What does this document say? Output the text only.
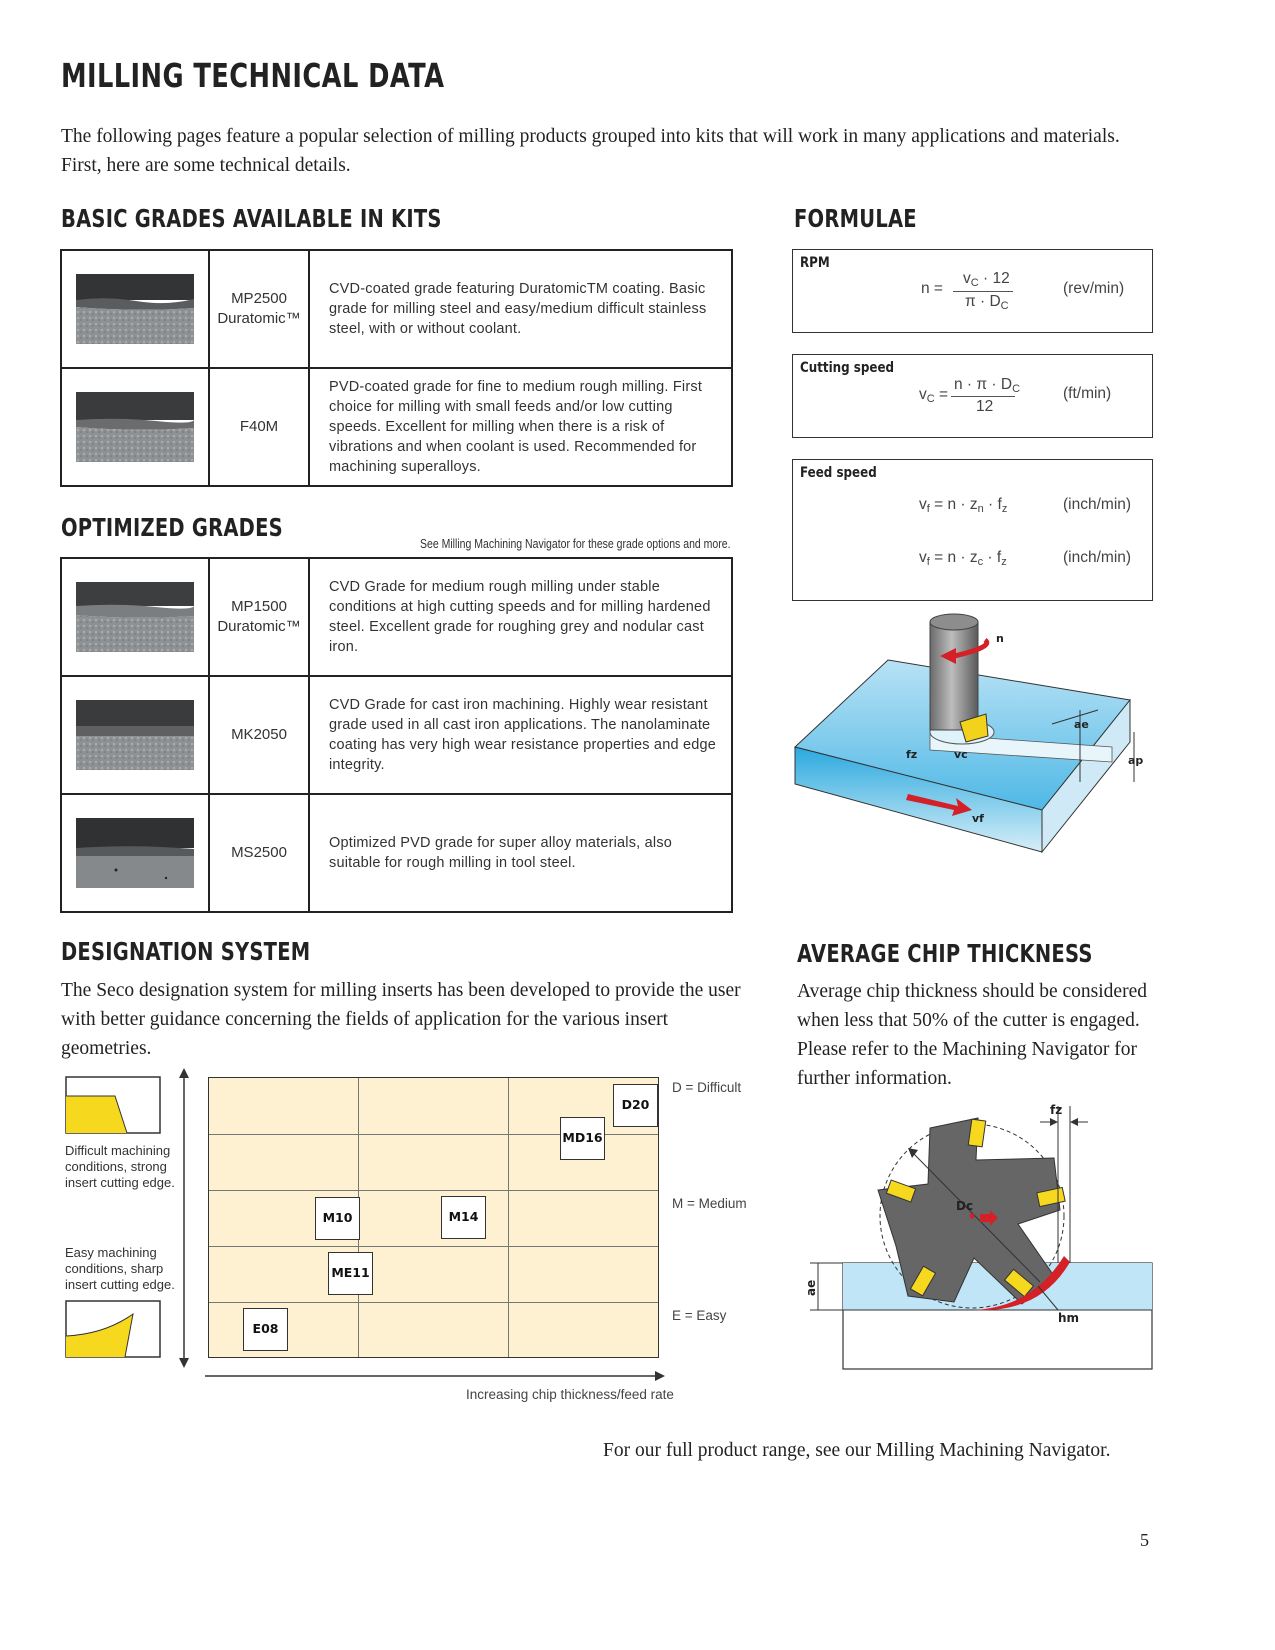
MILLING TECHNICAL DATA
The following pages feature a popular selection of milling products grouped into kits that will work in many applications and materials. First, here are some technical details.
BASIC GRADES AVAILABLE IN KITS

MP2500
Duratomic™	CVD-coated grade featuring DuratomicTM coating. Basic grade for milling steel and easy/medium difficult stainless steel, with or without coolant.

F40M	PVD-coated grade for fine to medium rough milling. First choice for milling with small feeds and/or low cutting speeds. Excellent for milling when there is a risk of vibrations and when coolant is used. Recommended for machining superalloys.
OPTIMIZED GRADES
See Milling Machining Navigator for these grade options and more.

MP1500
Duratomic™	CVD Grade for medium rough milling under stable conditions at high cutting speeds and for milling hardened steel. Excellent grade for roughing grey and nodular cast iron.

MK2050	CVD Grade for cast iron machining. Highly wear resistant grade used in all cast iron applications. The nanolaminate coating has very high wear resistance properties and edge integrity.

MS2500	Optimized PVD grade for super alloy materials, also suitable for rough milling in tool steel.
FORMULAE
RPM
n =
$v_C \cdot 12$
$\pi \cdot D_C$
(rev/min)
Cutting speed
$v_C$ =
$n \cdot \pi \cdot D_C$
12
(ft/min)
Feed speed
$v_f = n \cdot z_n \cdot f_z$	(inch/min)
$v_f = n \cdot z_c \cdot f_z$	(inch/min)
n
ae
ap
fz	vc
vf
DESIGNATION SYSTEM
The Seco designation system for milling inserts has been developed to provide the user with better guidance concerning the fields of application for the various insert geometries.
Difficult machining conditions, strong insert cutting edge.
Easy machining conditions, sharp insert cutting edge.
D20
MD16
M10	M14
ME11
E08
D = Difficult
M = Medium
E = Easy
Increasing chip thickness/feed rate
AVERAGE CHIP THICKNESS
Average chip thickness should be considered when less that 50% of the cutter is engaged. Please refer to the Machining Navigator for further information.
fz
Dc
ae
hm
For our full product range, see our Milling Machining Navigator.
5
